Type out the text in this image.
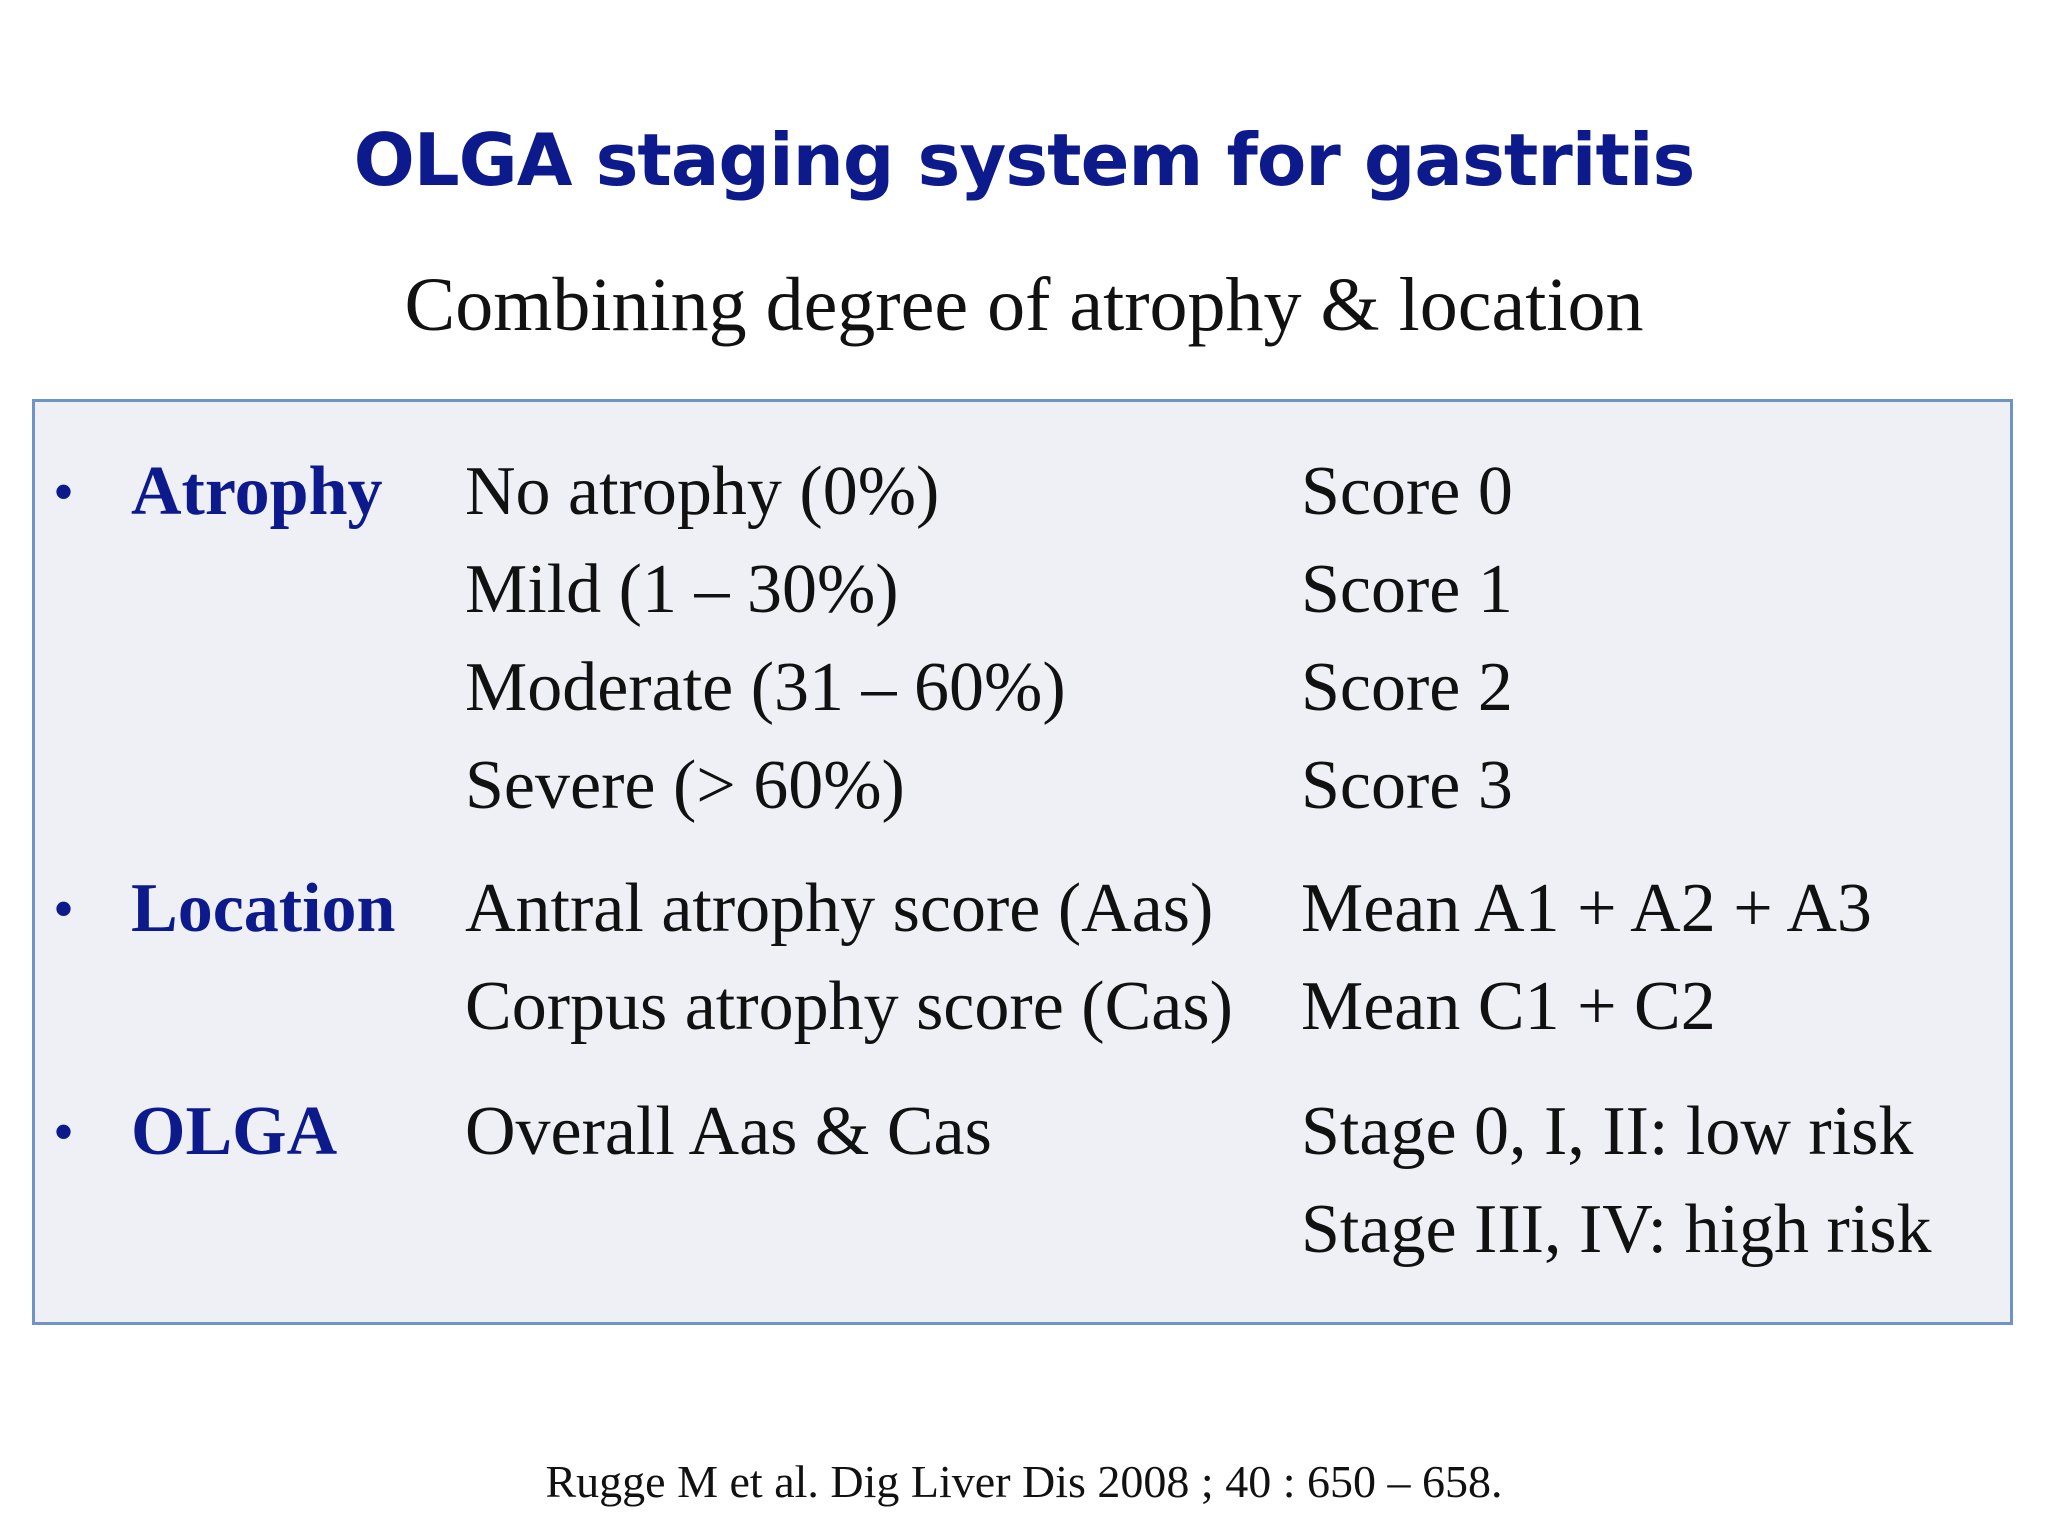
OLGA staging system for gastritis
Combining degree of atrophy & location
• Atrophy No atrophy (0%)	Score 0
Mild (1 – 30%)	Score 1
Moderate (31 – 60%)	Score 2
Severe (> 60%)	Score 3
• Location Antral atrophy score (Aas) Mean A1 + A2 + A3
Corpus atrophy score (Cas) Mean C1 + C2
• OLGA Overall Aas & Cas	Stage 0, I, II: low risk
Stage III, IV: high risk
Rugge M et al. Dig Liver Dis 2008 ; 40 : 650 – 658.
